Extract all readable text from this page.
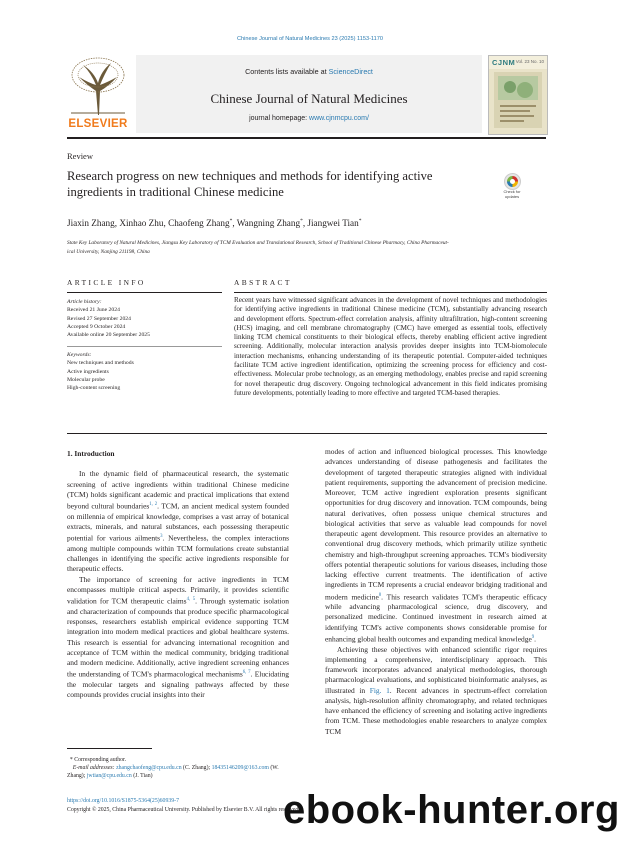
Chinese Journal of Natural Medicines 23 (2025) 1153-1170
ELSEVIER
Contents lists available at ScienceDirect
Chinese Journal of Natural Medicines
journal homepage: www.cjnmcpu.com/
CJNM Vol. 23 No. 10
Review
Research progress on new techniques and methods for identifying active ingredients in traditional Chinese medicine	Check for updates
Jiaxin Zhang, Xinhao Zhu, Chaofeng Zhang*, Wangning Zhang*, Jiangwei Tian*
State Key Laboratory of Natural Medicines, Jiangsu Key Laboratory of TCM Evaluation and Translational Research, School of Traditional Chinese Pharmacy, China Pharmaceut-
ical University, Nanjing 211198, China
ARTICLE INFO
Article history:
Received 21 June 2024
Revised 27 September 2024
Accepted 9 October 2024
Available online 20 September 2025
Keywords:
New techniques and methods
Active ingredients
Molecular probe
High-content screening
ABSTRACT
Recent years have witnessed significant advances in the development of novel techniques and methodologies for identifying active ingredients in traditional Chinese medicine (TCM), substantially advancing research and development efforts. Spectrum-effect correlation analysis, affinity ultrafiltration, high-content screening (HCS) imaging, and cell membrane chromatography (CMC) have emerged as essential tools, effectively linking TCM chemical constituents to their biological effects, thereby enabling efficient active ingredient screening. Additionally, molecular interaction analysis provides deeper insights into TCM-biomolecule interaction mechanisms, enhancing understanding of its therapeutic potential. Computer-aided techniques facilitate TCM active ingredient identification, optimizing the screening process for efficiency and cost-effectiveness. Molecular probe technology, as an emerging methodology, enables precise and rapid screening for novel therapeutic drug discovery. Ongoing technological advancement in this field indicates promising future developments, potentially leading to more effective and targeted TCM-based therapies.

1. Introduction

In the dynamic field of pharmaceutical research, the systematic screening of active ingredients within traditional Chinese medicine (TCM) holds significant academic and practical implications that extend beyond cultural boundaries$^{1, 2}$. TCM, an ancient medical system founded on millennia of empirical knowledge, comprises a vast array of botanical extracts, minerals, and natural substances, each possessing therapeutic potential for various ailments$^3$. Nevertheless, the complex interactions among multiple compounds within TCM formulations create substantial challenges in identifying the specific active ingredients responsible for therapeutic effects.

The importance of screening for active ingredients in TCM encompasses multiple critical aspects. Primarily, it provides scientific validation for TCM therapeutic claims$^{4, 5}$. Through systematic isolation and characterization of compounds that produce specific pharmacological responses, researchers establish empirical evidence supporting TCM integration into modern medical practices and global healthcare systems. This research is essential for advancing international recognition and acceptance of TCM within the medical community, bridging traditional and modern medicine. Additionally, active ingredient screening enhances the understanding of TCM's pharmacological mechanisms$^{6, 7}$. Elucidating the molecular targets and signaling pathways affected by these compounds provides crucial insights into their

modes of action and influenced biological processes. This knowledge advances understanding of disease pathogenesis and facilitates the development of targeted therapeutic strategies aligned with individual patient requirements, supporting the advancement of precision medicine. Moreover, TCM active ingredient exploration presents significant opportunities for drug discovery and innovation. TCM compounds, being natural derivatives, often possess unique chemical structures and biological activities that serve as valuable lead compounds for novel therapeutic agent development. This resource provides an alternative to conventional drug discovery methods, which primarily utilize synthetic chemistry and high-throughput screening approaches. TCM's biodiversity offers potential therapeutic solutions for various diseases, including those lacking effective current treatments. The identification of active ingredients in TCM represents a crucial endeavor bridging traditional and modern medicine$^8$. This research validates TCM's therapeutic efficacy while advancing pharmacological science, drug discovery, and personalized medicine. Continued investment in research aimed at identifying TCM's active components shows considerable promise for enhancing global health outcomes and expanding medical knowledge$^9$.

Achieving these objectives with enhanced scientific rigor requires implementing a comprehensive, interdisciplinary approach. This framework incorporates advanced analytical methodologies, thorough pharmacological evaluations, and sophisticated bioinformatic analyses, as illustrated in Fig. 1. Recent advances in spectrum-effect correlation analysis, high-resolution affinity chromatography, and related techniques have enhanced the efficiency of screening and isolating active ingredients from TCM. These methodologies enable researchers to analyze complex TCM

* Corresponding author.
E-mail addresses: zhangchaofeng@cpu.edu.cn (C. Zhang); 18435146209@163.com (W. Zhang); jwtian@cpu.edu.cn (J. Tian)
https://doi.org/10.1016/S1875-5364(25)60939-7
Copyright © 2025, China Pharmaceutical University. Published by Elsevier B.V. All rights reserved.
ebook-hunter.org
